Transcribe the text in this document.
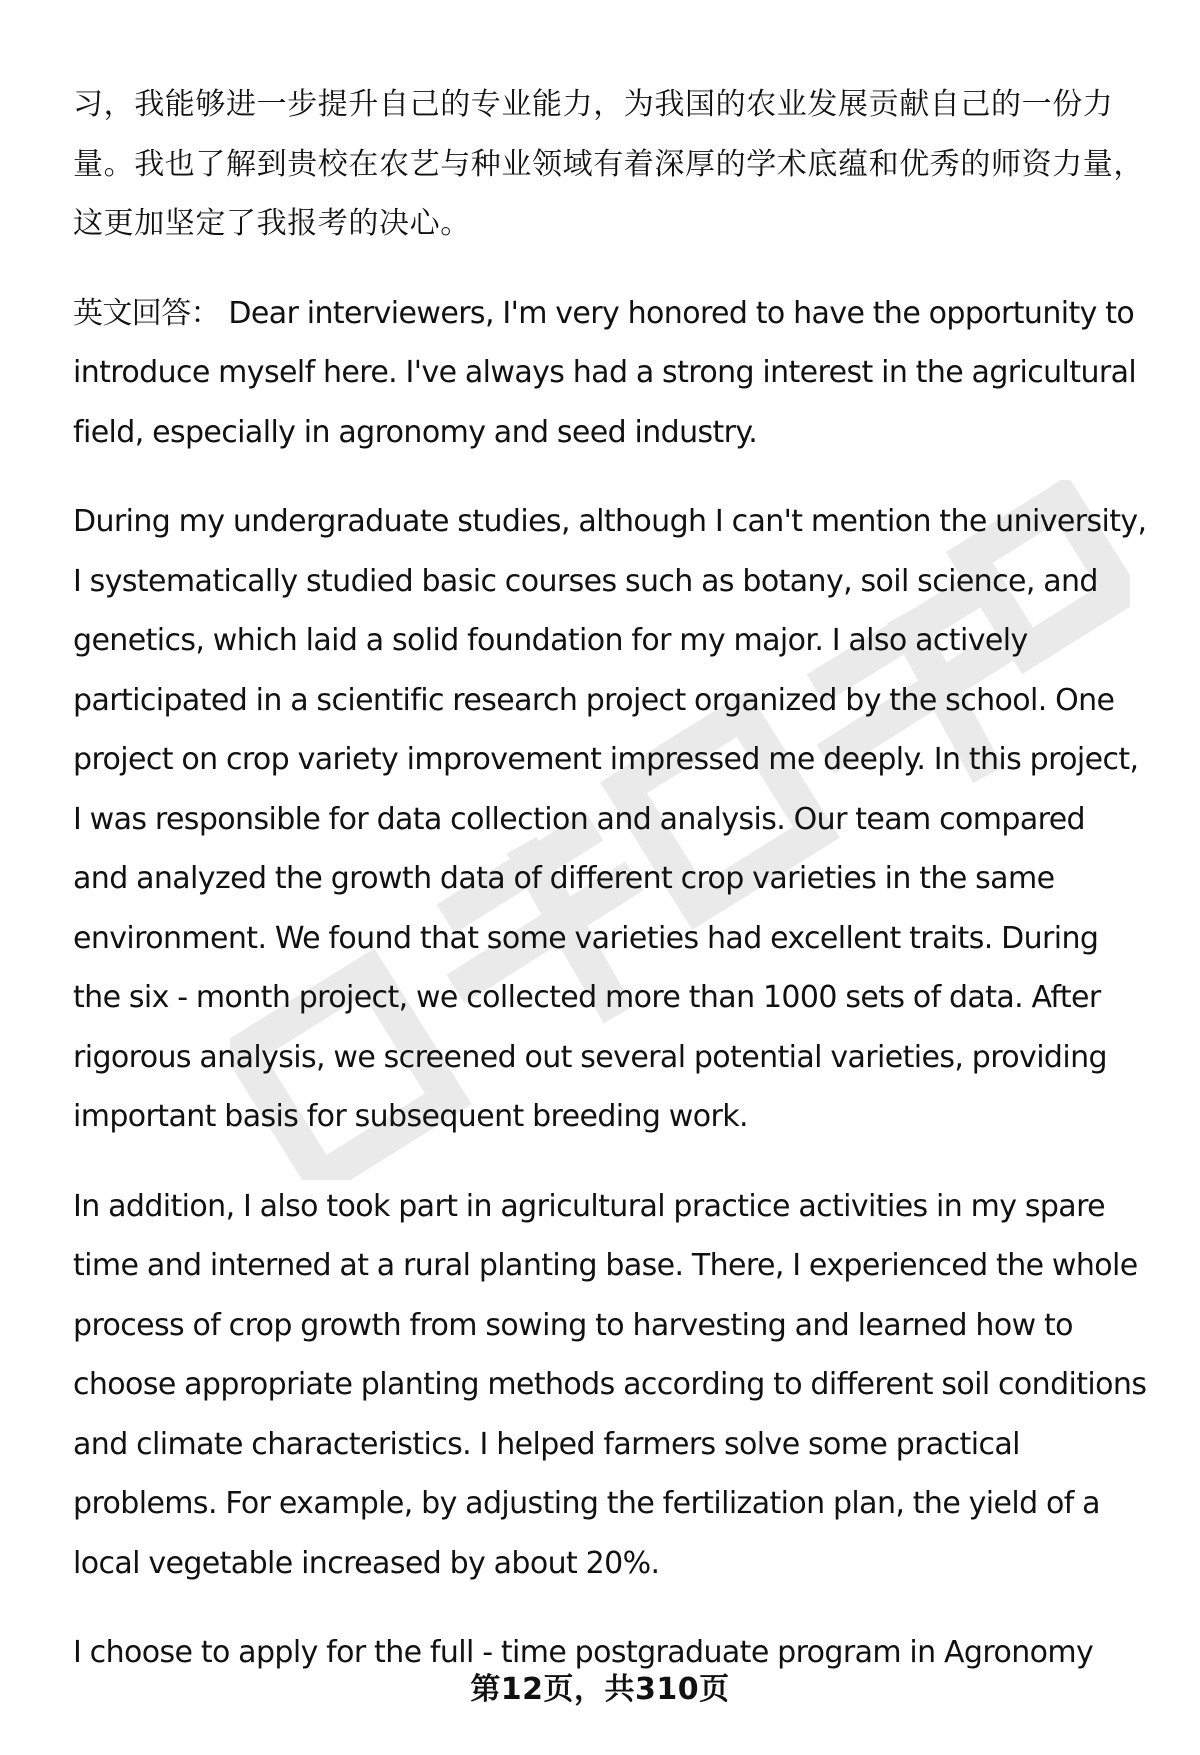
习，我能够进一步提升自己的专业能力，为我国的农业发展贡献自己的一份力量。我也了解到贵校在农艺与种业领域有着深厚的学术底蕴和优秀的师资力量，这更加坚定了我报考的决心。

英文回答： Dear interviewers, I'm very honored to have the opportunity to introduce myself here. I've always had a strong interest in the agricultural field, especially in agronomy and seed industry.

During my undergraduate studies, although I can't mention the university, I systematically studied basic courses such as botany, soil science, and genetics, which laid a solid foundation for my major. I also actively participated in a scientific research project organized by the school. One project on crop variety improvement impressed me deeply. In this project, I was responsible for data collection and analysis. Our team compared and analyzed the growth data of different crop varieties in the same environment. We found that some varieties had excellent traits. During the six - month project, we collected more than 1000 sets of data. After rigorous analysis, we screened out several potential varieties, providing important basis for subsequent breeding work.

In addition, I also took part in agricultural practice activities in my spare time and interned at a rural planting base. There, I experienced the whole process of crop growth from sowing to harvesting and learned how to choose appropriate planting methods according to different soil conditions and climate characteristics. I helped farmers solve some practical problems. For example, by adjusting the fertilization plan, the yield of a local vegetable increased by about 20%.

I choose to apply for the full - time postgraduate program in Agronomy

第12页，共310页
